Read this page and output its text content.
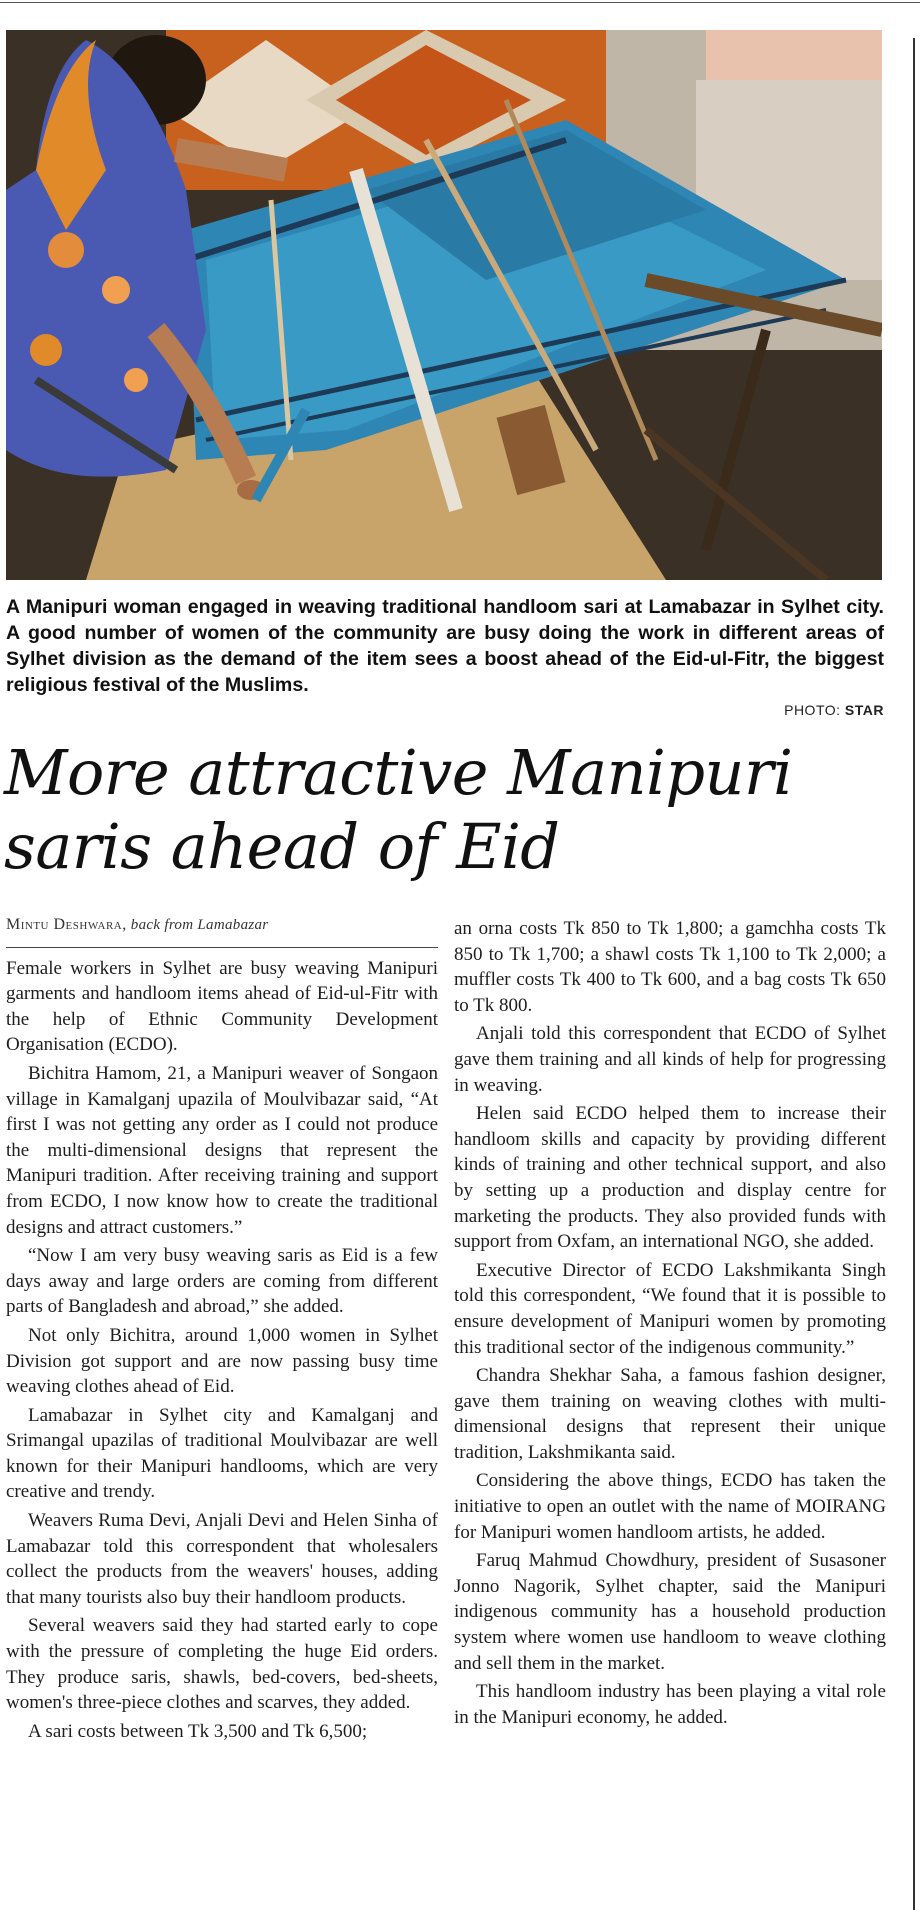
A Manipuri woman engaged in weaving traditional handloom sari at Lamabazar in Sylhet city. A good number of women of the community are busy doing the work in different areas of Sylhet division as the demand of the item sees a boost ahead of the Eid-ul-Fitr, the biggest religious festival of the Muslims.
PHOTO: STAR
More attractive Manipuri saris ahead of Eid
Mintu Deshwara, back from Lamabazar

Female workers in Sylhet are busy weaving Manipuri garments and handloom items ahead of Eid-ul-Fitr with the help of Ethnic Community Development Organisation (ECDO).

Bichitra Hamom, 21, a Manipuri weaver of Songaon village in Kamalganj upazila of Moulvibazar said, “At first I was not getting any order as I could not produce the multi-dimensional designs that represent the Manipuri tradition. After receiving training and support from ECDO, I now know how to create the traditional designs and attract customers.”

“Now I am very busy weaving saris as Eid is a few days away and large orders are coming from different parts of Bangladesh and abroad,” she added.

Not only Bichitra, around 1,000 women in Sylhet Division got support and are now passing busy time weaving clothes ahead of Eid.

Lamabazar in Sylhet city and Kamalganj and Srimangal upazilas of traditional Moulvibazar are well known for their Manipuri handlooms, which are very creative and trendy.

Weavers Ruma Devi, Anjali Devi and Helen Sinha of Lamabazar told this correspondent that wholesalers collect the products from the weavers' houses, adding that many tourists also buy their handloom products.

Several weavers said they had started early to cope with the pressure of completing the huge Eid orders. They produce saris, shawls, bed-covers, bed-sheets, women's three-piece clothes and scarves, they added.

A sari costs between Tk 3,500 and Tk 6,500;

an orna costs Tk 850 to Tk 1,800; a gamchha costs Tk 850 to Tk 1,700; a shawl costs Tk 1,100 to Tk 2,000; a muffler costs Tk 400 to Tk 600, and a bag costs Tk 650 to Tk 800.

Anjali told this correspondent that ECDO of Sylhet gave them training and all kinds of help for progressing in weaving.

Helen said ECDO helped them to increase their handloom skills and capacity by providing different kinds of training and other technical support, and also by setting up a production and display centre for marketing the products. They also provided funds with support from Oxfam, an international NGO, she added.

Executive Director of ECDO Lakshmikanta Singh told this correspondent, “We found that it is possible to ensure development of Manipuri women by promoting this traditional sector of the indigenous community.”

Chandra Shekhar Saha, a famous fashion designer, gave them training on weaving clothes with multi-dimensional designs that represent their unique tradition, Lakshmikanta said.

Considering the above things, ECDO has taken the initiative to open an outlet with the name of MOIRANG for Manipuri women handloom artists, he added.

Faruq Mahmud Chowdhury, president of Susasoner Jonno Nagorik, Sylhet chapter, said the Manipuri indigenous community has a household production system where women use handloom to weave clothing and sell them in the market.

This handloom industry has been playing a vital role in the Manipuri economy, he added.
